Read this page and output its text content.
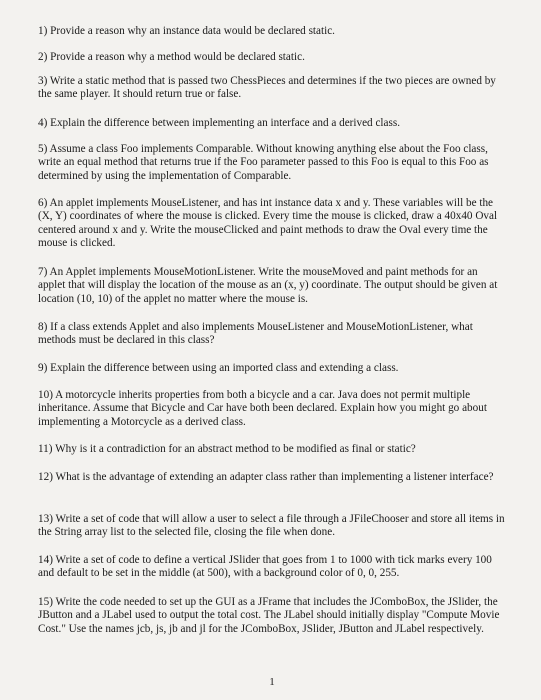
1) Provide a reason why an instance data would be declared static.

2) Provide a reason why a method would be declared static.

3) Write a static method that is passed two ChessPieces and determines if the two pieces are owned by the same player. It should return true or false.

4) Explain the difference between implementing an interface and a derived class.

5) Assume a class Foo implements Comparable. Without knowing anything else about the Foo class, write an equal method that returns true if the Foo parameter passed to this Foo is equal to this Foo as determined by using the implementation of Comparable.

6) An applet implements MouseListener, and has int instance data x and y. These variables will be the (X, Y) coordinates of where the mouse is clicked. Every time the mouse is clicked, draw a 40x40 Oval centered around x and y. Write the mouseClicked and paint methods to draw the Oval every time the mouse is clicked.

7) An Applet implements MouseMotionListener. Write the mouseMoved and paint methods for an applet that will display the location of the mouse as an (x, y) coordinate. The output should be given at location (10, 10) of the applet no matter where the mouse is.

8) If a class extends Applet and also implements MouseListener and MouseMotionListener, what methods must be declared in this class?

9) Explain the difference between using an imported class and extending a class.

10) A motorcycle inherits properties from both a bicycle and a car. Java does not permit multiple inheritance. Assume that Bicycle and Car have both been declared. Explain how you might go about implementing a Motorcycle as a derived class.

11) Why is it a contradiction for an abstract method to be modified as final or static?

12) What is the advantage of extending an adapter class rather than implementing a listener interface?

13) Write a set of code that will allow a user to select a file through a JFileChooser and store all items in the String array list to the selected file, closing the file when done.

14) Write a set of code to define a vertical JSlider that goes from 1 to 1000 with tick marks every 100 and default to be set in the middle (at 500), with a background color of 0, 0, 255.

15) Write the code needed to set up the GUI as a JFrame that includes the JComboBox, the JSlider, the JButton and a JLabel used to output the total cost. The JLabel should initially display "Compute Movie Cost." Use the names jcb, js, jb and jl for the JComboBox, JSlider, JButton and JLabel respectively.

1
